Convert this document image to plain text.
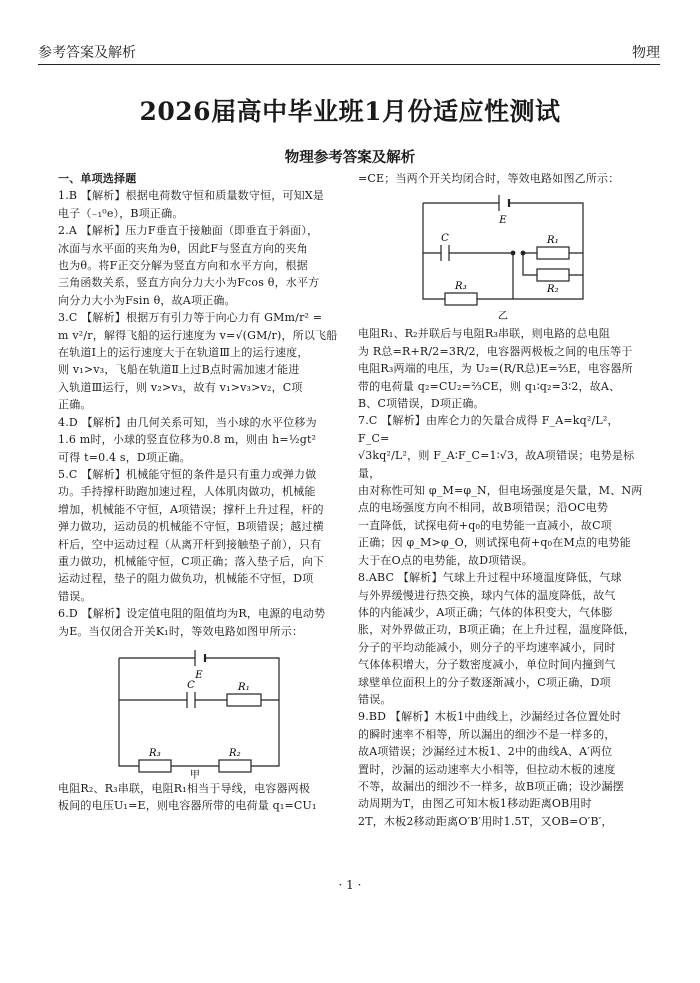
参考答案及解析	物理
2026届高中毕业班1月份适应性测试
物理参考答案及解析
一、单项选择题
1.B 【解析】根据电荷数守恒和质量数守恒，可知X是
电子（₋₁⁰e），B项正确。
2.A 【解析】压力F垂直于接触面（即垂直于斜面），
冰面与水平面的夹角为θ，因此F与竖直方向的夹角
也为θ。将F正交分解为竖直方向和水平方向，根据
三角函数关系，竖直方向分力大小为Fcos θ，水平方
向分力大小为Fsin θ，故A项正确。
3.C 【解析】根据万有引力等于向心力有 GMm/r² =
m v²/r，解得飞船的运行速度为 v=√(GM/r)，所以飞船
在轨道Ⅰ上的运行速度大于在轨道Ⅲ上的运行速度，
则 v₁>v₃，飞船在轨道Ⅱ上过B点时需加速才能进
入轨道Ⅲ运行，则 v₂>v₃，故有 v₁>v₃>v₂，C项
正确。
4.D 【解析】由几何关系可知，当小球的水平位移为
1.6 m时，小球的竖直位移为0.8 m，则由 h=½gt²
可得 t=0.4 s，D项正确。
5.C 【解析】机械能守恒的条件是只有重力或弹力做
功。手持撑杆助跑加速过程，人体肌肉做功，机械能
增加，机械能不守恒，A项错误；撑杆上升过程，杆的
弹力做功，运动员的机械能不守恒，B项错误；越过横
杆后，空中运动过程（从离开杆到接触垫子前），只有
重力做功，机械能守恒，C项正确；落入垫子后，向下
运动过程，垫子的阻力做负功，机械能不守恒，D项
错误。
6.D 【解析】设定值电阻的阻值均为R，电源的电动势
为E。当仅闭合开关K₁时，等效电路如图甲所示：
E
C	R₁
R₃	R₂
甲
电阻R₂、R₃串联，电阻R₁相当于导线，电容器两极
板间的电压U₁=E，则电容器所带的电荷量 q₁=CU₁
=CE；当两个开关均闭合时，等效电路如图乙所示：
E
C	R₁
R₂
R₃
乙
电阻R₁、R₂并联后与电阻R₃串联，则电路的总电阻
为 R总=R+R/2=3R/2，电容器两极板之间的电压等于
电阻R₃两端的电压，为 U₂=(R/R总)E=⅔E，电容器所
带的电荷量 q₂=CU₂=⅔CE，则 q₁∶q₂=3∶2，故A、
B、C项错误，D项正确。
7.C 【解析】由库仑力的矢量合成得 F_A=kq²/L²，F_C=
√3kq²/L²，则 F_A∶F_C=1∶√3，故A项错误；电势是标量，
由对称性可知 φ_M=φ_N，但电场强度是矢量，M、N两
点的电场强度方向不相同，故B项错误；沿OC电势
一直降低，试探电荷+q₀的电势能一直减小，故C项
正确；因 φ_M>φ_O，则试探电荷+q₀在M点的电势能
大于在O点的电势能，故D项错误。
8.ABC 【解析】气球上升过程中环境温度降低，气球
与外界缓慢进行热交换，球内气体的温度降低，故气
体的内能减少，A项正确；气体的体积变大，气体膨
胀，对外界做正功，B项正确；在上升过程，温度降低，
分子的平均动能减小，则分子的平均速率减小，同时
气体体积增大，分子数密度减小，单位时间内撞到气
球壁单位面积上的分子数逐渐减小，C项正确，D项
错误。
9.BD 【解析】木板1中曲线上，沙漏经过各位置处时
的瞬时速率不相等，所以漏出的细沙不是一样多的，
故A项错误；沙漏经过木板1、2中的曲线A、A′两位
置时，沙漏的运动速率大小相等，但拉动木板的速度
不等，故漏出的细沙不一样多，故B项正确；设沙漏摆
动周期为T，由图乙可知木板1移动距离OB用时
2T，木板2移动距离O′B′用时1.5T，又OB=O′B′，
· 1 ·
